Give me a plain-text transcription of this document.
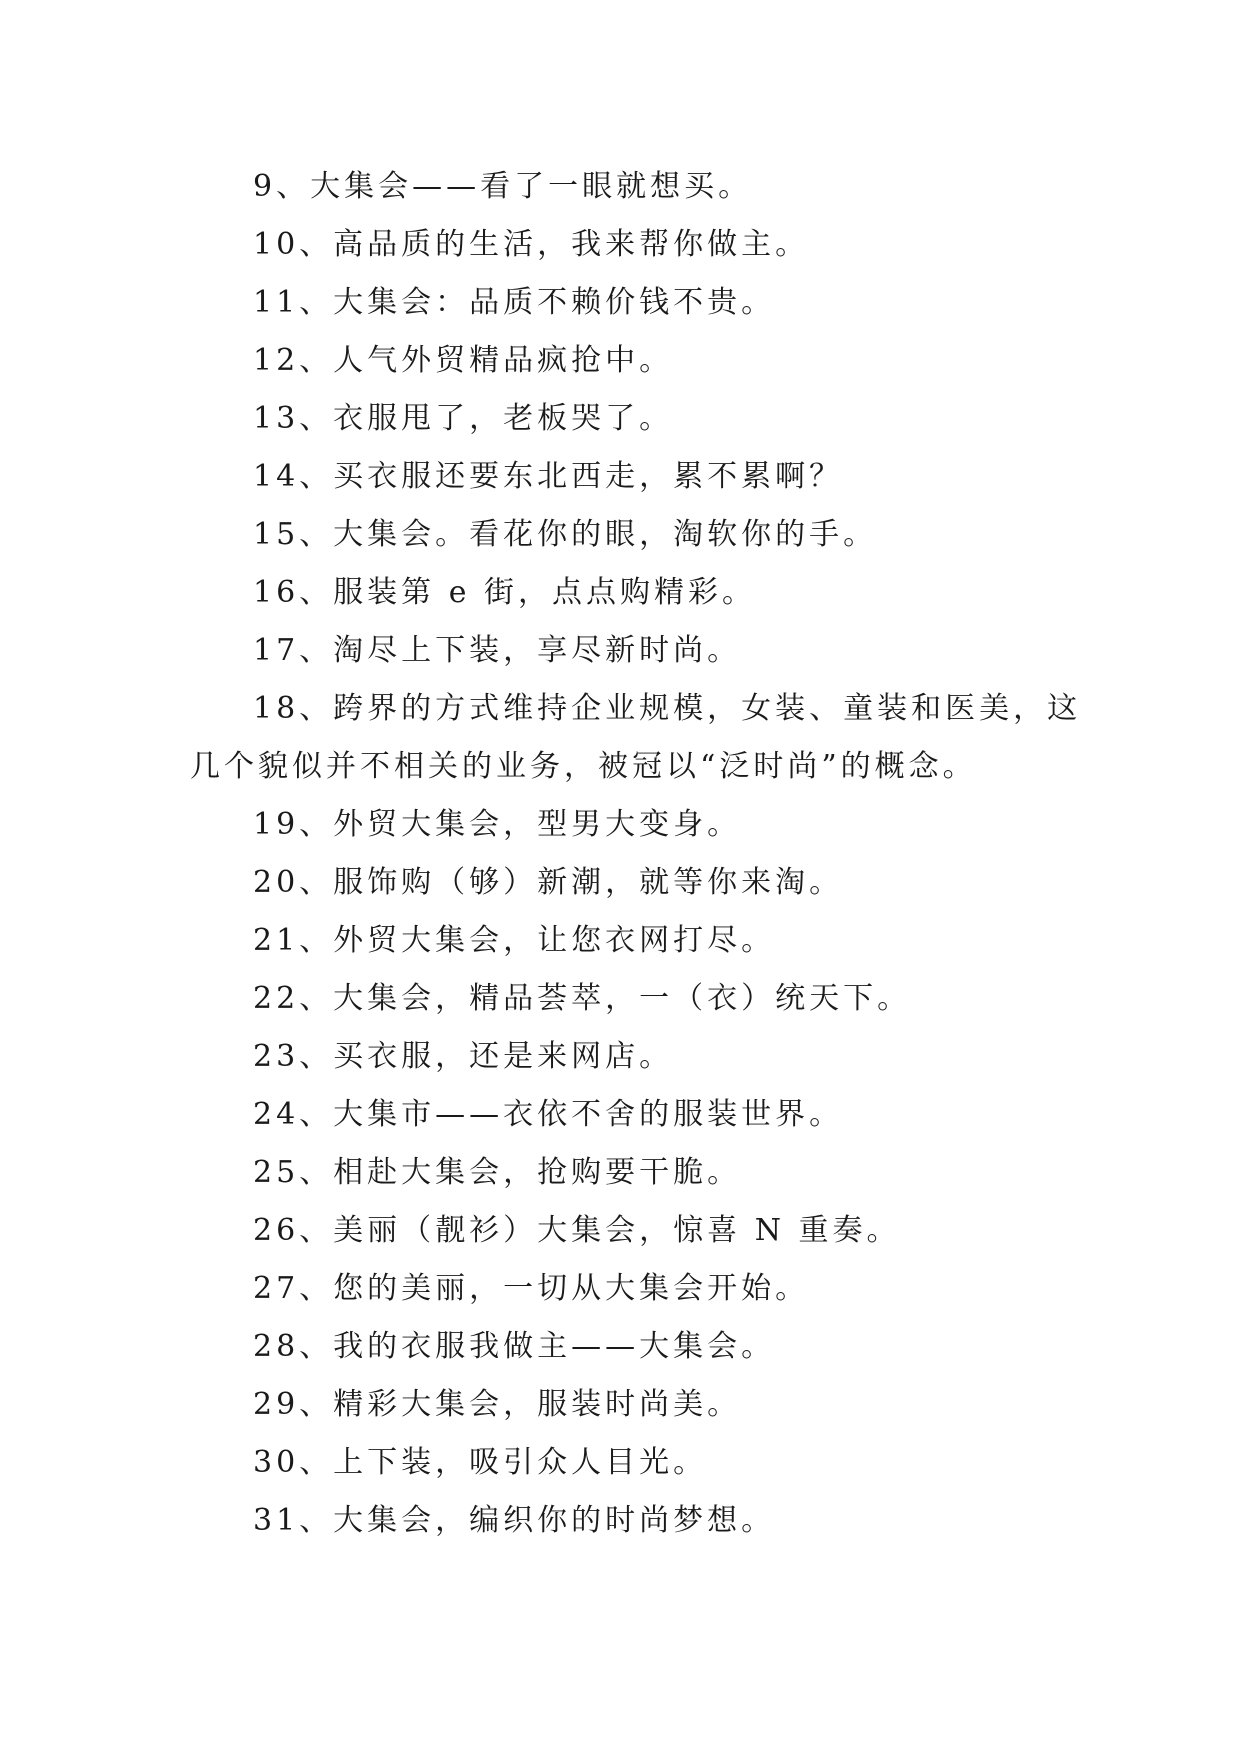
9、大集会——看了一眼就想买。
10、高品质的生活，我来帮你做主。
11、大集会：品质不赖价钱不贵。
12、人气外贸精品疯抢中。
13、衣服甩了，老板哭了。
14、买衣服还要东北西走，累不累啊？
15、大集会。看花你的眼，淘软你的手。
16、服装第 e 街，点点购精彩。
17、淘尽上下装，享尽新时尚。
18、跨界的方式维持企业规模，女装、童装和医美，这
几个貌似并不相关的业务，被冠以“泛时尚”的概念。
19、外贸大集会，型男大变身。
20、服饰购（够）新潮，就等你来淘。
21、外贸大集会，让您衣网打尽。
22、大集会，精品荟萃，一（衣）统天下。
23、买衣服，还是来网店。
24、大集市——衣依不舍的服装世界。
25、相赴大集会，抢购要干脆。
26、美丽（靓衫）大集会，惊喜 N 重奏。
27、您的美丽，一切从大集会开始。
28、我的衣服我做主——大集会。
29、精彩大集会，服装时尚美。
30、上下装，吸引众人目光。
31、大集会，编织你的时尚梦想。
